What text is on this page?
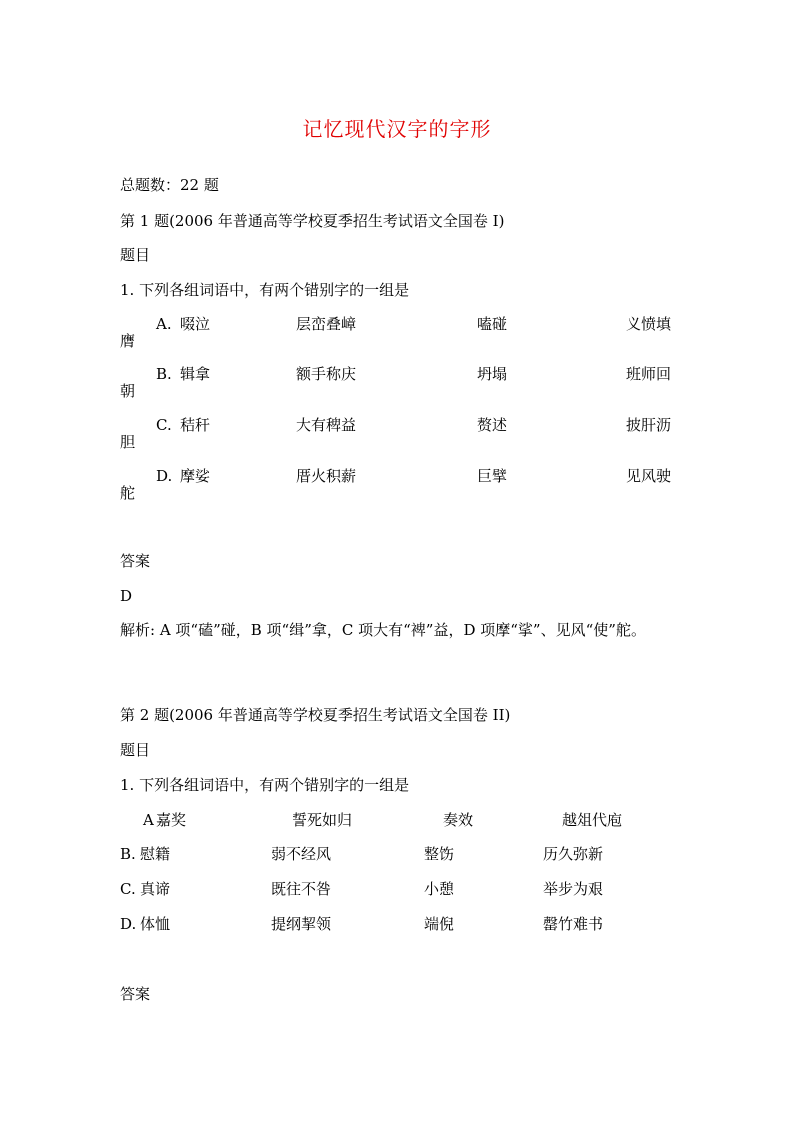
记忆现代汉字的字形
总题数：22 题
第 1 题(2006 年普通高等学校夏季招生考试语文全国卷 I)
题目
1. 下列各组词语中，有两个错别字的一组是
A. 啜泣	层峦叠嶂	嗑碰	义愤填
膺
B. 辑拿	额手称庆	坍塌	班师回
朝
C. 秸秆	大有稗益	赘述	披肝沥
胆
D. 摩娑	厝火积薪	巨擘	见风驶
舵
答案
D
解析: A 项“磕”碰，B 项“缉”拿，C 项大有“裨”益，D 项摩“挲”、见风“使”舵。
第 2 题(2006 年普通高等学校夏季招生考试语文全国卷 II)
题目
1. 下列各组词语中，有两个错别字的一组是
A 嘉奖	誓死如归	奏效	越俎代庖
B. 慰籍	弱不经风	整饬	历久弥新
C. 真谛	既往不咎	小憩	举步为艰
D. 体恤	提纲挈领	端倪	罄竹难书
答案
